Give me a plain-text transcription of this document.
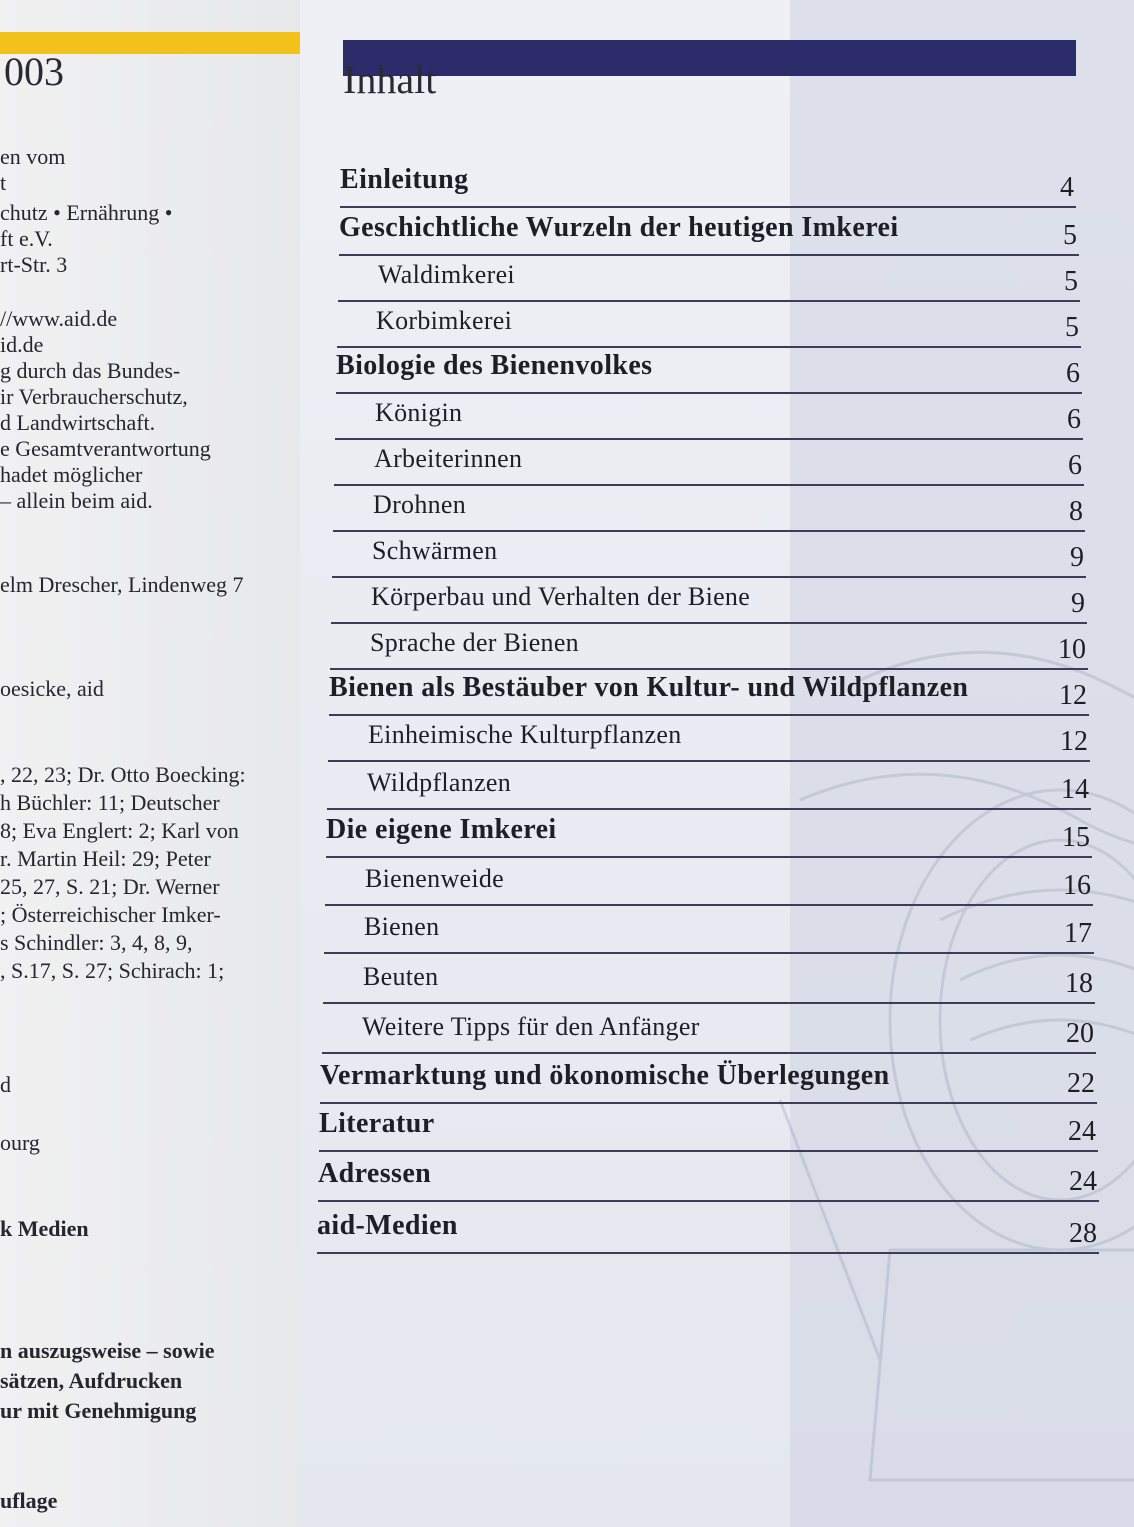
003
en vom
t
chutz • Ernährung •
ft e.V.
rt-Str. 3
//www.aid.de
id.de
g durch das Bundes-
ir Verbraucherschutz,
d Landwirtschaft.
e Gesamtverantwortung
hadet möglicher
– allein beim aid.
elm Drescher, Lindenweg 7
oesicke, aid
, 22, 23; Dr. Otto Boecking:
h Büchler: 11; Deutscher
8; Eva Englert: 2; Karl von
r. Martin Heil: 29; Peter
25, 27, S. 21; Dr. Werner
; Österreichischer Imker-
s Schindler: 3, 4, 8, 9,
, S.17, S. 27; Schirach: 1;
d
ourg
k Medien
n auszugsweise – sowie
sätzen, Aufdrucken
ur mit Genehmigung
uflage
Inhalt
Einleitung	4
Geschichtliche Wurzeln der heutigen Imkerei	5
Waldimkerei	5
Korbimkerei	5
Biologie des Bienenvolkes	6
Königin	6
Arbeiterinnen	6
Drohnen	8
Schwärmen	9
Körperbau und Verhalten der Biene	9
Sprache der Bienen	10
Bienen als Bestäuber von Kultur- und Wildpflanzen	12
Einheimische Kulturpflanzen	12
Wildpflanzen	14
Die eigene Imkerei	15
Bienenweide	16
Bienen	17
Beuten	18
Weitere Tipps für den Anfänger	20
Vermarktung und ökonomische Überlegungen	22
Literatur	24
Adressen	24
aid-Medien	28
